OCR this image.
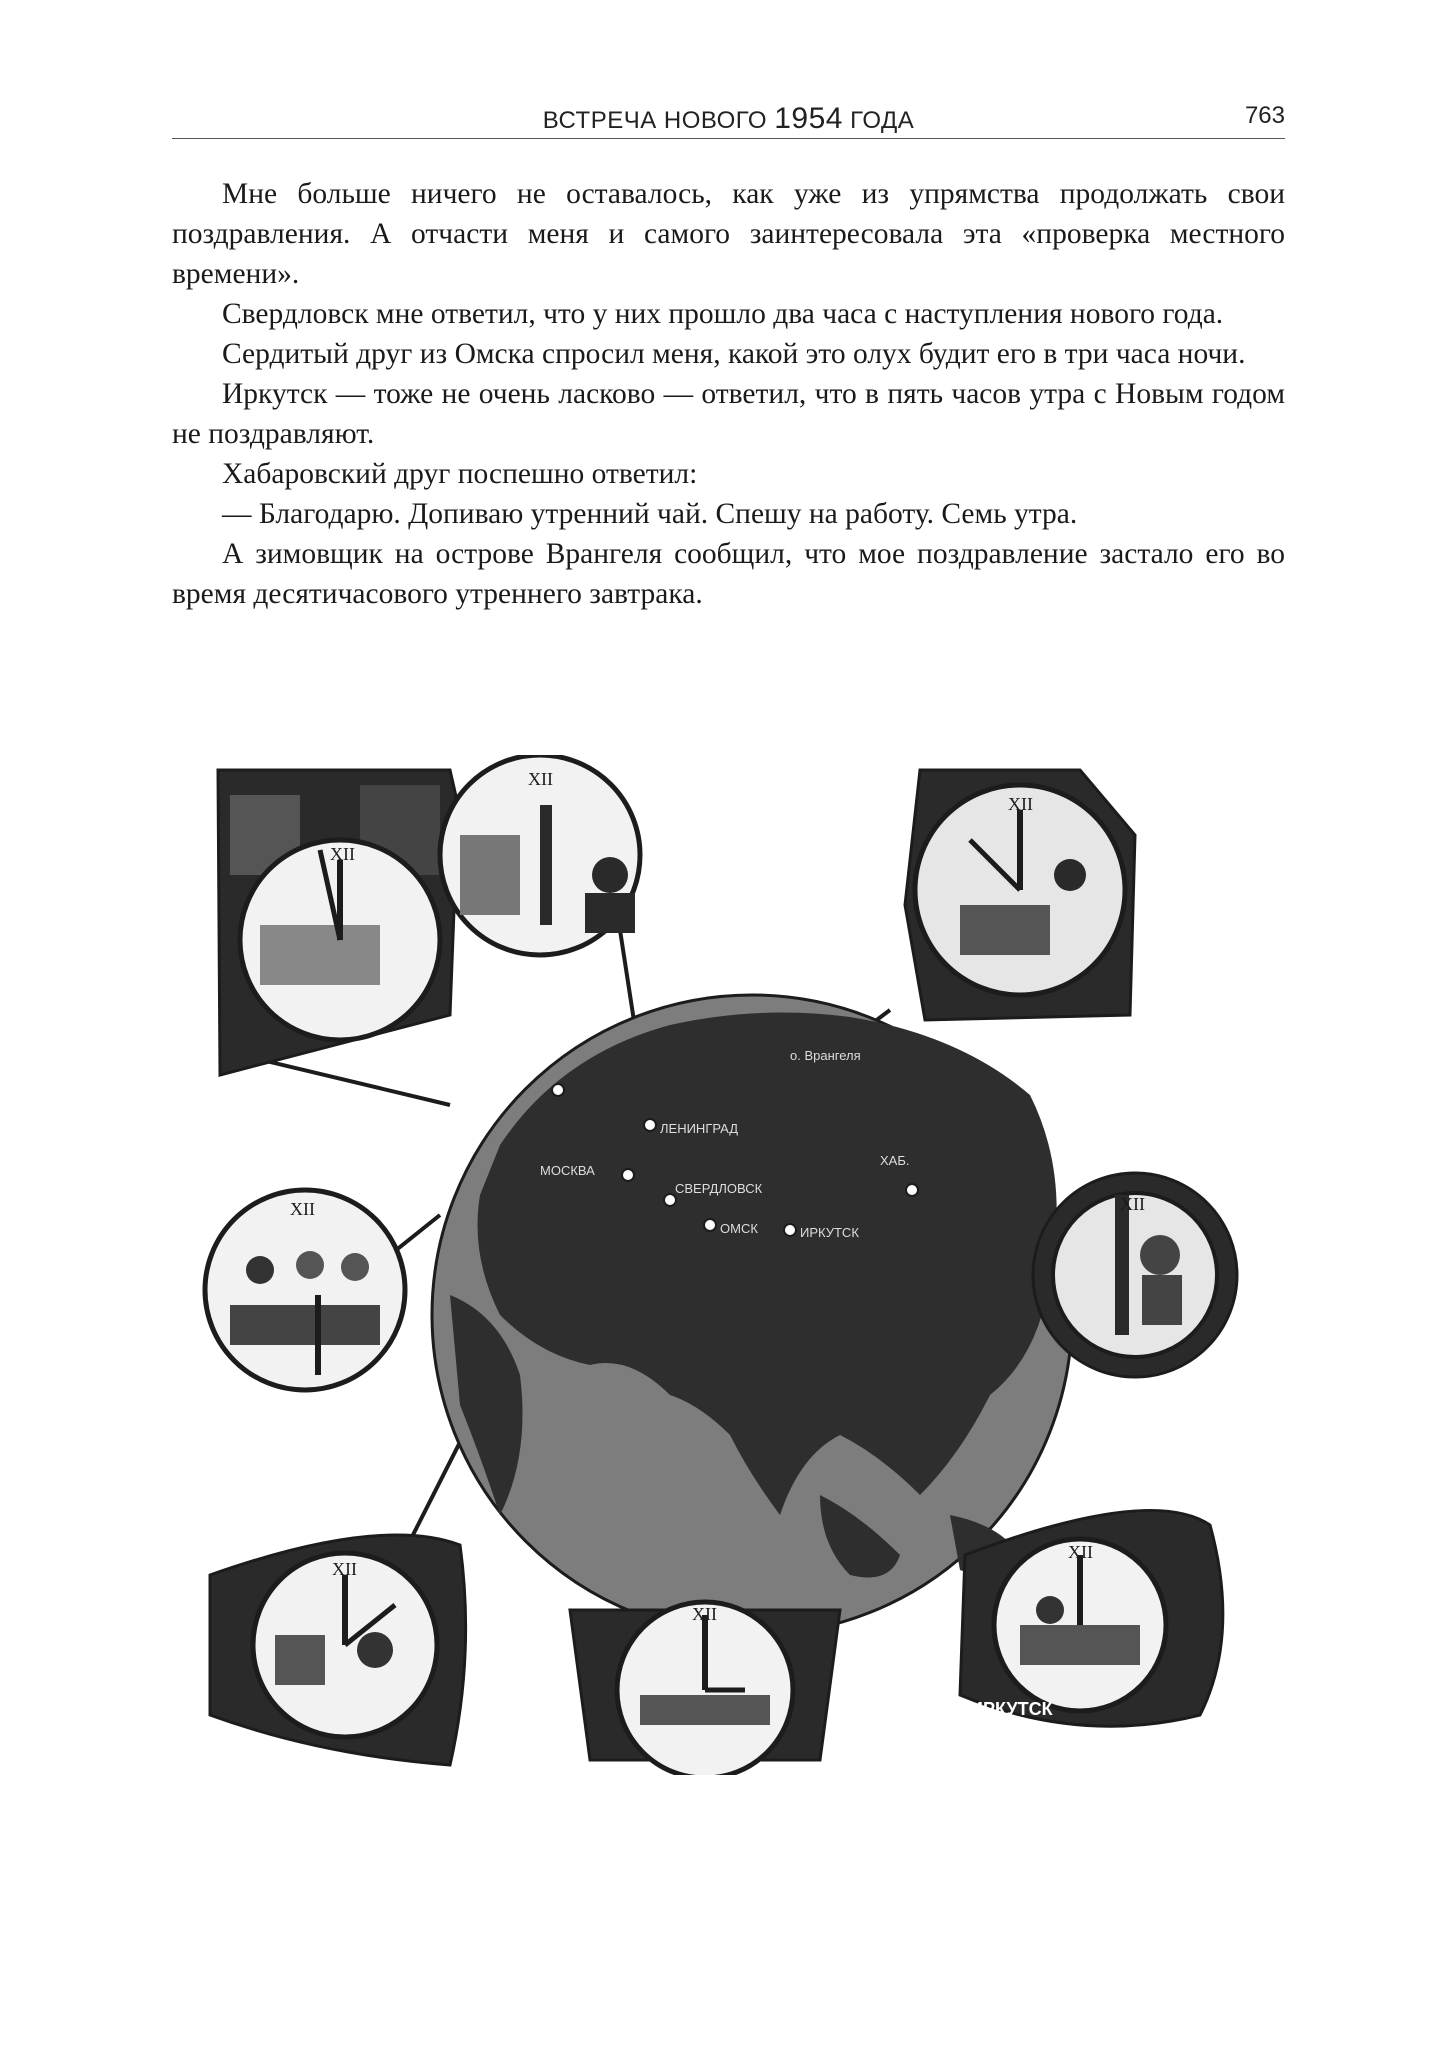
ВСТРЕЧА НОВОГО 1954 ГОДА	763

Мне больше ничего не оставалось, как уже из упрямства продолжать свои поздравления. А отчасти меня и самого заинтересовала эта «проверка местного времени».

Свердловск мне ответил, что у них прошло два часа с наступления нового года.

Сердитый друг из Омска спросил меня, какой это олух будит его в три часа ночи.

Иркутск — тоже не очень ласково — ответил, что в пять часов утра с Новым годом не поздравляют.

Хабаровский друг поспешно ответил:

— Благодарю. Допиваю утренний чай. Спешу на работу. Семь утра.

А зимовщик на острове Врангеля сообщил, что мое поздравление застало его во время десятичасового утреннего завтрака.

о. Врангеля
ЛЕНИНГРАД
СВЕРДЛОВСК
ОМСК	ИРКУТСК
МОСКВА
ХАБ.
XII
XII
XII
XII
XII
XII
XII
XII
ИРКУТСК
